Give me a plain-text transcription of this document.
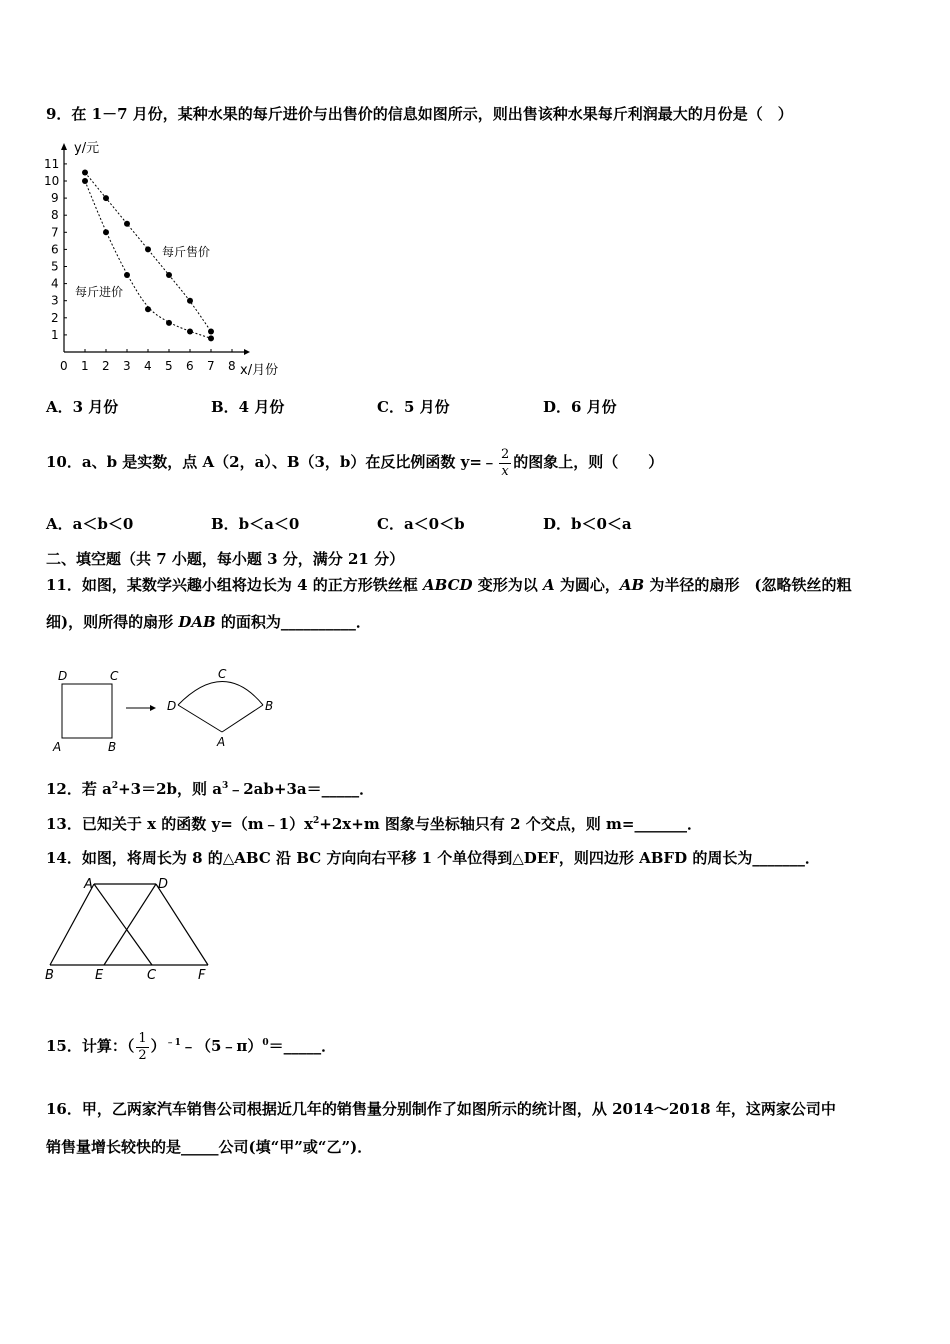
9．在 1－7 月份，某种水果的每斤进价与出售价的信息如图所示，则出售该种水果每斤利润最大的月份是（　）
0 1 2 3 4 5 6 7 8
1
2
3
4
5
6
7
8
9
10
11
y/元
x/月份
每斤售价
每斤进价
A．3 月份	B．4 月份	C．5 月份	D．6 月份
10．a、b 是实数，点 A（2，a）、B（3，b）在反比例函数 y=﹣ $\frac{2}{x}$ 的图象上，则（　　）
A．a＜b＜0	B．b＜a＜0	C．a＜0＜b	D．b＜0＜a
二、填空题（共 7 小题，每小题 3 分，满分 21 分）
11．如图，某数学兴趣小组将边长为 4 的正方形铁丝框 ABCD 变形为以 A 为圆心，AB 为半径的扇形　(忽略铁丝的粗
细)，则所得的扇形 DAB 的面积为__________．
D	C
A	B
D
C
B
A
12．若 $a^2+3=2b$，则 $a^3﹣2ab+3a=\_\_\_\_\_$．
13．已知关于 x 的函数 $y=(m﹣1)x^2+2x+m$ 图象与坐标轴只有 2 个交点，则 m=_______．
14．如图，将周长为 8 的△ABC 沿 BC 方向向右平移 1 个单位得到△DEF，则四边形 ABFD 的周长为_______．
A	D
B	E	C	F
15．计算：（ $\frac{1}{2}$ ）$^{﹣1}$﹣（5﹣π）$^0$＝_____．
16．甲，乙两家汽车销售公司根据近几年的销售量分别制作了如图所示的统计图，从 2014～2018 年，这两家公司中
销售量增长较快的是_____公司(填“甲”或“乙”)．
